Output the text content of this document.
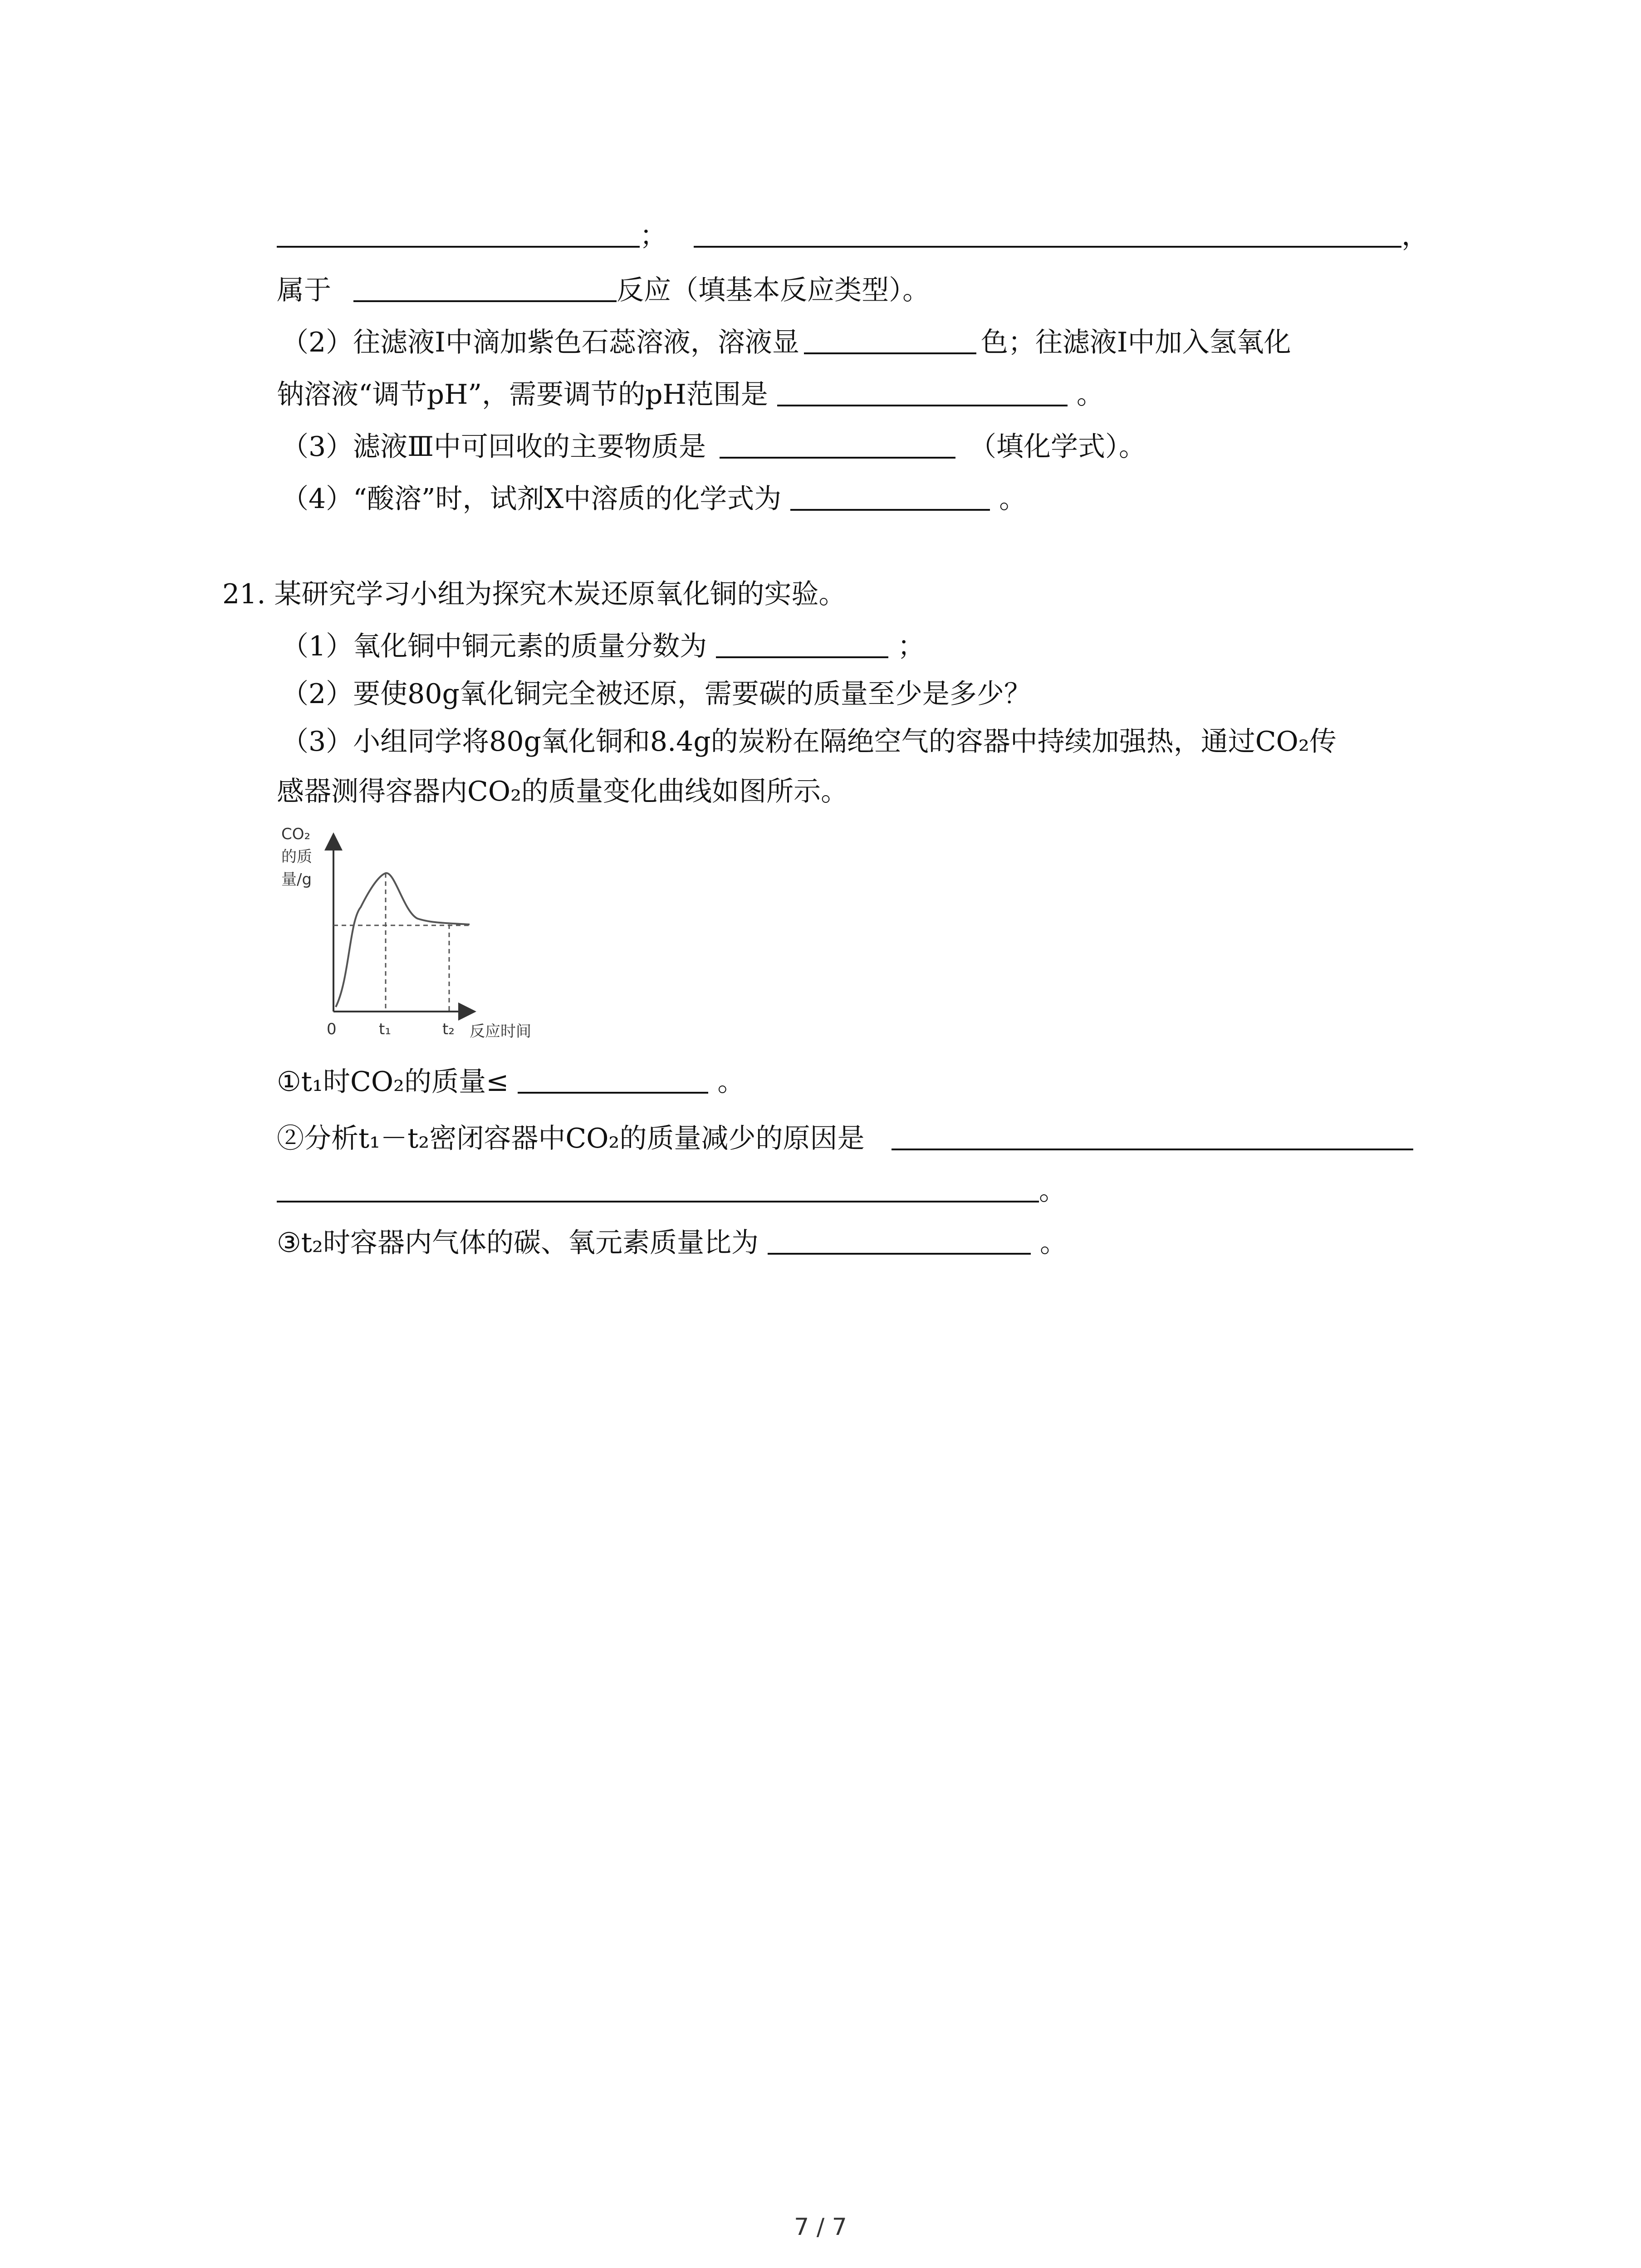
；	，
属于	反应（填基本反应类型）。
（2）往滤液Ⅰ中滴加紫色石蕊溶液，溶液显	色；往滤液Ⅰ中加入氢氧化
钠溶液“调节pH”，需要调节的pH范围是	。
（3）滤液Ⅲ中可回收的主要物质是	（填化学式）。
（4）“酸溶”时，试剂X中溶质的化学式为	。
21. 某研究学习小组为探究木炭还原氧化铜的实验。
（1）氧化铜中铜元素的质量分数为	；
（2）要使80g氧化铜完全被还原，需要碳的质量至少是多少？
（3）小组同学将80g氧化铜和8.4g的炭粉在隔绝空气的容器中持续加强热，通过CO₂传
感器测得容器内CO₂的质量变化曲线如图所示。
CO₂
的质
量/g
0	t₁	t₂ 反应时间
①t₁时CO₂的质量≤	。
②分析t₁－t₂密闭容器中CO₂的质量减少的原因是
。
③t₂时容器内气体的碳、氧元素质量比为	。
7 / 7
